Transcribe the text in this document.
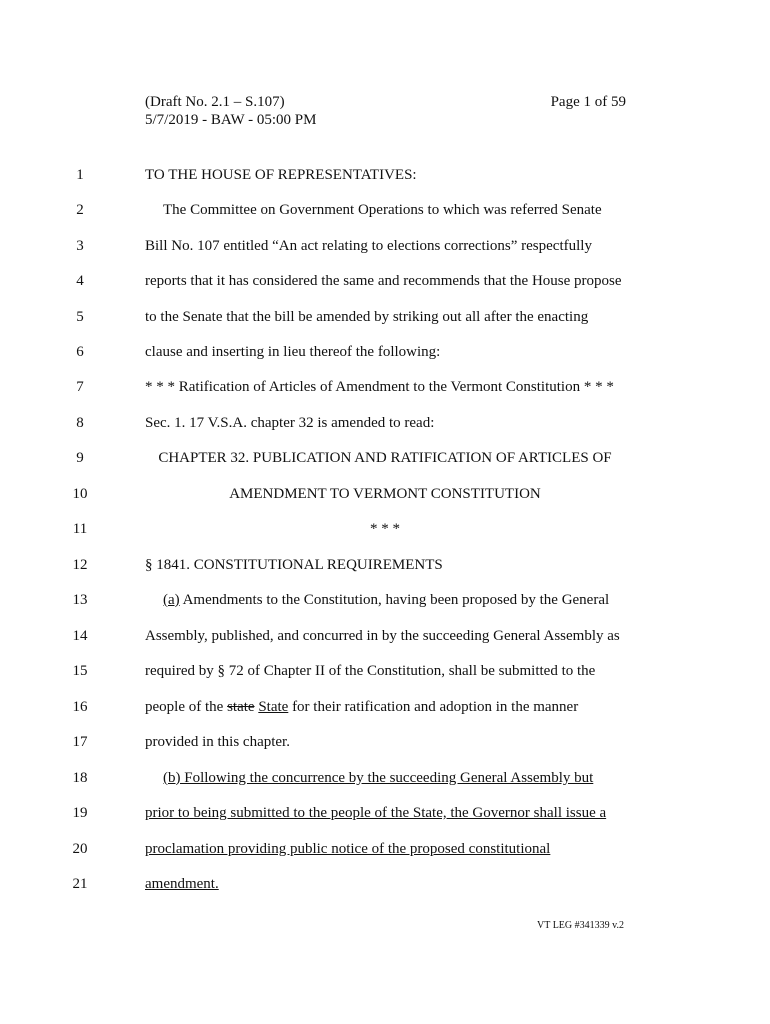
(Draft No. 2.1 – S.107)
5/7/2019 - BAW - 05:00 PM
Page 1 of 59
1	TO THE HOUSE OF REPRESENTATIVES:
2	The Committee on Government Operations to which was referred Senate
3	Bill No. 107 entitled “An act relating to elections corrections” respectfully
4	reports that it has considered the same and recommends that the House propose
5	to the Senate that the bill be amended by striking out all after the enacting
6	clause and inserting in lieu thereof the following:
7	* * * Ratification of Articles of Amendment to the Vermont Constitution * * *
8	Sec. 1. 17 V.S.A. chapter 32 is amended to read:
9	CHAPTER 32. PUBLICATION AND RATIFICATION OF ARTICLES OF
10	AMENDMENT TO VERMONT CONSTITUTION
11	* * *
12	§ 1841. CONSTITUTIONAL REQUIREMENTS
13	(a) Amendments to the Constitution, having been proposed by the General
14	Assembly, published, and concurred in by the succeeding General Assembly as
15	required by § 72 of Chapter II of the Constitution, shall be submitted to the
16	people of the state State for their ratification and adoption in the manner
17	provided in this chapter.
18	(b) Following the concurrence by the succeeding General Assembly but
19	prior to being submitted to the people of the State, the Governor shall issue a
20	proclamation providing public notice of the proposed constitutional
21	amendment.
VT LEG #341339 v.2
